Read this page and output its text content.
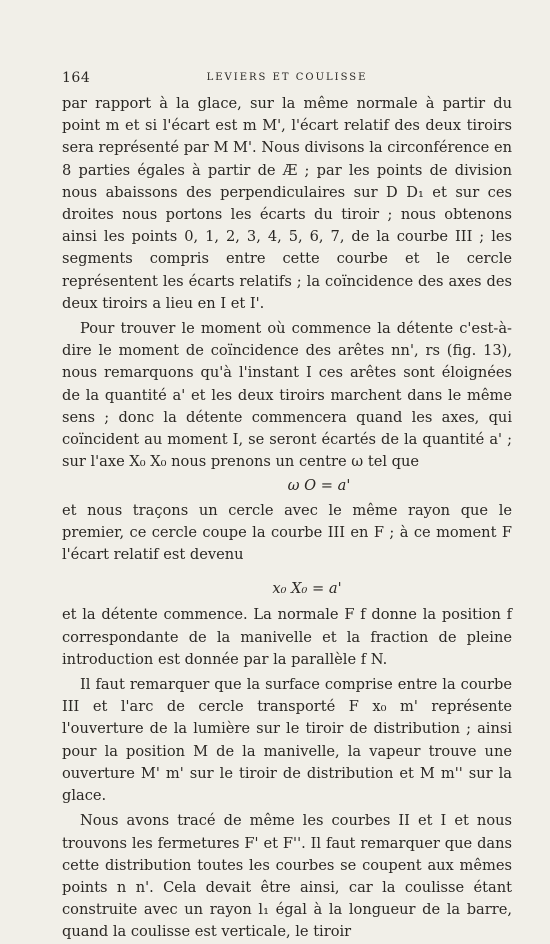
164	LEVIERS ET COULISSE

par rapport à la glace, sur la même normale à partir du point m et si l'écart est m M', l'écart relatif des deux tiroirs sera représenté par M M'. Nous divisons la circonférence en 8 parties égales à partir de Æ ; par les points de division nous abaissons des perpendiculaires sur D D₁ et sur ces droites nous portons les écarts du tiroir ; nous obtenons ainsi les points 0, 1, 2, 3, 4, 5, 6, 7, de la courbe III ; les segments compris entre cette courbe et le cercle représentent les écarts relatifs ; la coïncidence des axes des deux tiroirs a lieu en I et I'.

Pour trouver le moment où commence la détente c'est-à-dire le moment de coïncidence des arêtes nn', rs (fig. 13), nous remarquons qu'à l'instant I ces arêtes sont éloignées de la quantité a' et les deux tiroirs marchent dans le même sens ; donc la détente commencera quand les axes, qui coïncident au moment I, se seront écartés de la quantité a' ; sur l'axe X₀ X₀ nous prenons un centre ω tel que

ω O = a'

et nous traçons un cercle avec le même rayon que le premier, ce cercle coupe la courbe III en F ; à ce moment F l'écart relatif est devenu

x₀ X₀ = a'

et la détente commence. La normale F f donne la position f correspondante de la manivelle et la fraction de pleine introduction est donnée par la parallèle f N.

Il faut remarquer que la surface comprise entre la courbe III et l'arc de cercle transporté F x₀ m' représente l'ouverture de la lumière sur le tiroir de distribution ; ainsi pour la position M de la manivelle, la vapeur trouve une ouverture M' m' sur le tiroir de distribution et M m'' sur la glace.

Nous avons tracé de même les courbes II et I et nous trouvons les fermetures F' et F''. Il faut remarquer que dans cette distribution toutes les courbes se coupent aux mêmes points n n'. Cela devait être ainsi, car la coulisse étant construite avec un rayon l₁ égal à la longueur de la barre, quand la coulisse est verticale, le tiroir
